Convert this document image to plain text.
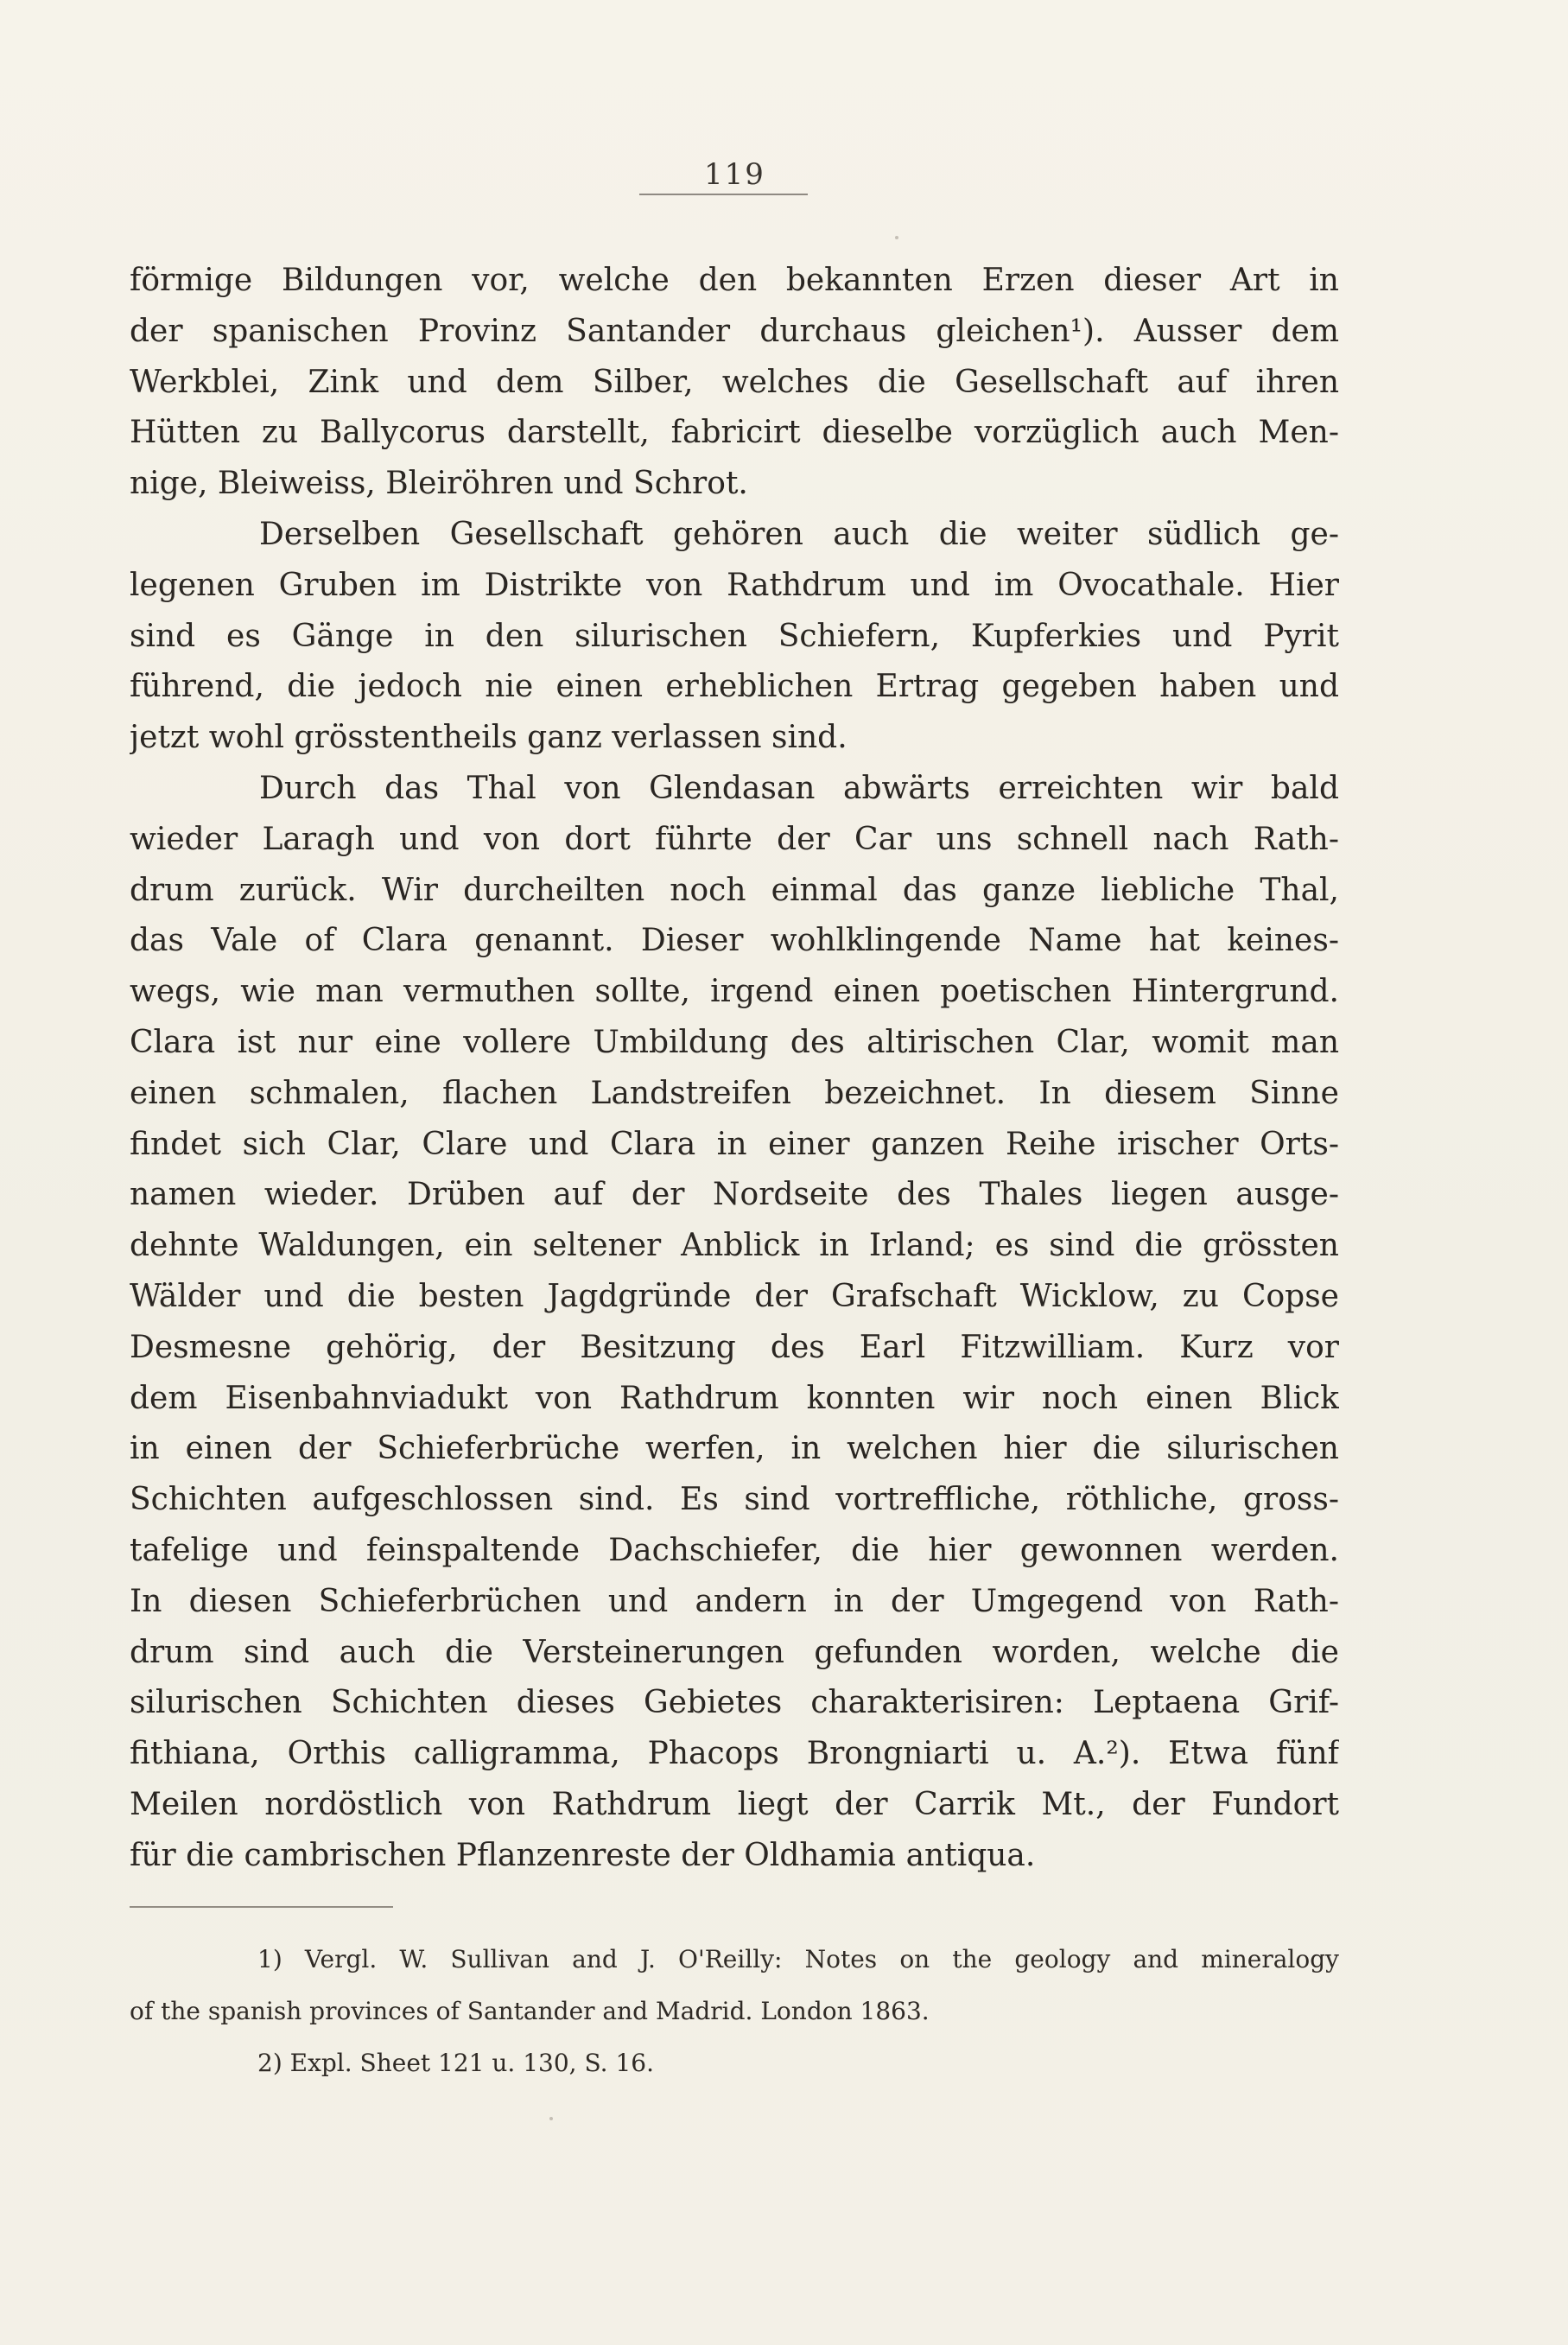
119
förmige Bildungen vor, welche den bekannten Erzen dieser Art in
der spanischen Provinz Santander durchaus gleichen¹). Ausser dem
Werkblei, Zink und dem Silber, welches die Gesellschaft auf ihren
Hütten zu Ballycorus darstellt, fabricirt dieselbe vorzüglich auch Men-
nige, Bleiweiss, Bleiröhren und Schrot.
Derselben Gesellschaft gehören auch die weiter südlich ge-
legenen Gruben im Distrikte von Rathdrum und im Ovocathale. Hier
sind es Gänge in den silurischen Schiefern, Kupferkies und Pyrit
führend, die jedoch nie einen erheblichen Ertrag gegeben haben und
jetzt wohl grösstentheils ganz verlassen sind.
Durch das Thal von Glendasan abwärts erreichten wir bald
wieder Laragh und von dort führte der Car uns schnell nach Rath-
drum zurück. Wir durcheilten noch einmal das ganze liebliche Thal,
das Vale of Clara genannt. Dieser wohlklingende Name hat keines-
wegs, wie man vermuthen sollte, irgend einen poetischen Hintergrund.
Clara ist nur eine vollere Umbildung des altirischen Clar, womit man
einen schmalen, flachen Landstreifen bezeichnet. In diesem Sinne
findet sich Clar, Clare und Clara in einer ganzen Reihe irischer Orts-
namen wieder. Drüben auf der Nordseite des Thales liegen ausge-
dehnte Waldungen, ein seltener Anblick in Irland; es sind die grössten
Wälder und die besten Jagdgründe der Grafschaft Wicklow, zu Copse
Desmesne gehörig, der Besitzung des Earl Fitzwilliam. Kurz vor
dem Eisenbahnviadukt von Rathdrum konnten wir noch einen Blick
in einen der Schieferbrüche werfen, in welchen hier die silurischen
Schichten aufgeschlossen sind. Es sind vortreffliche, röthliche, gross-
tafelige und feinspaltende Dachschiefer, die hier gewonnen werden.
In diesen Schieferbrüchen und andern in der Umgegend von Rath-
drum sind auch die Versteinerungen gefunden worden, welche die
silurischen Schichten dieses Gebietes charakterisiren: Leptaena Grif-
fithiana, Orthis calligramma, Phacops Brongniarti u. A.²). Etwa fünf
Meilen nordöstlich von Rathdrum liegt der Carrik Mt., der Fundort
für die cambrischen Pflanzenreste der Oldhamia antiqua.
1) Vergl. W. Sullivan and J. O'Reilly: Notes on the geology and mineralogy
of the spanish provinces of Santander and Madrid. London 1863.
2) Expl. Sheet 121 u. 130, S. 16.
